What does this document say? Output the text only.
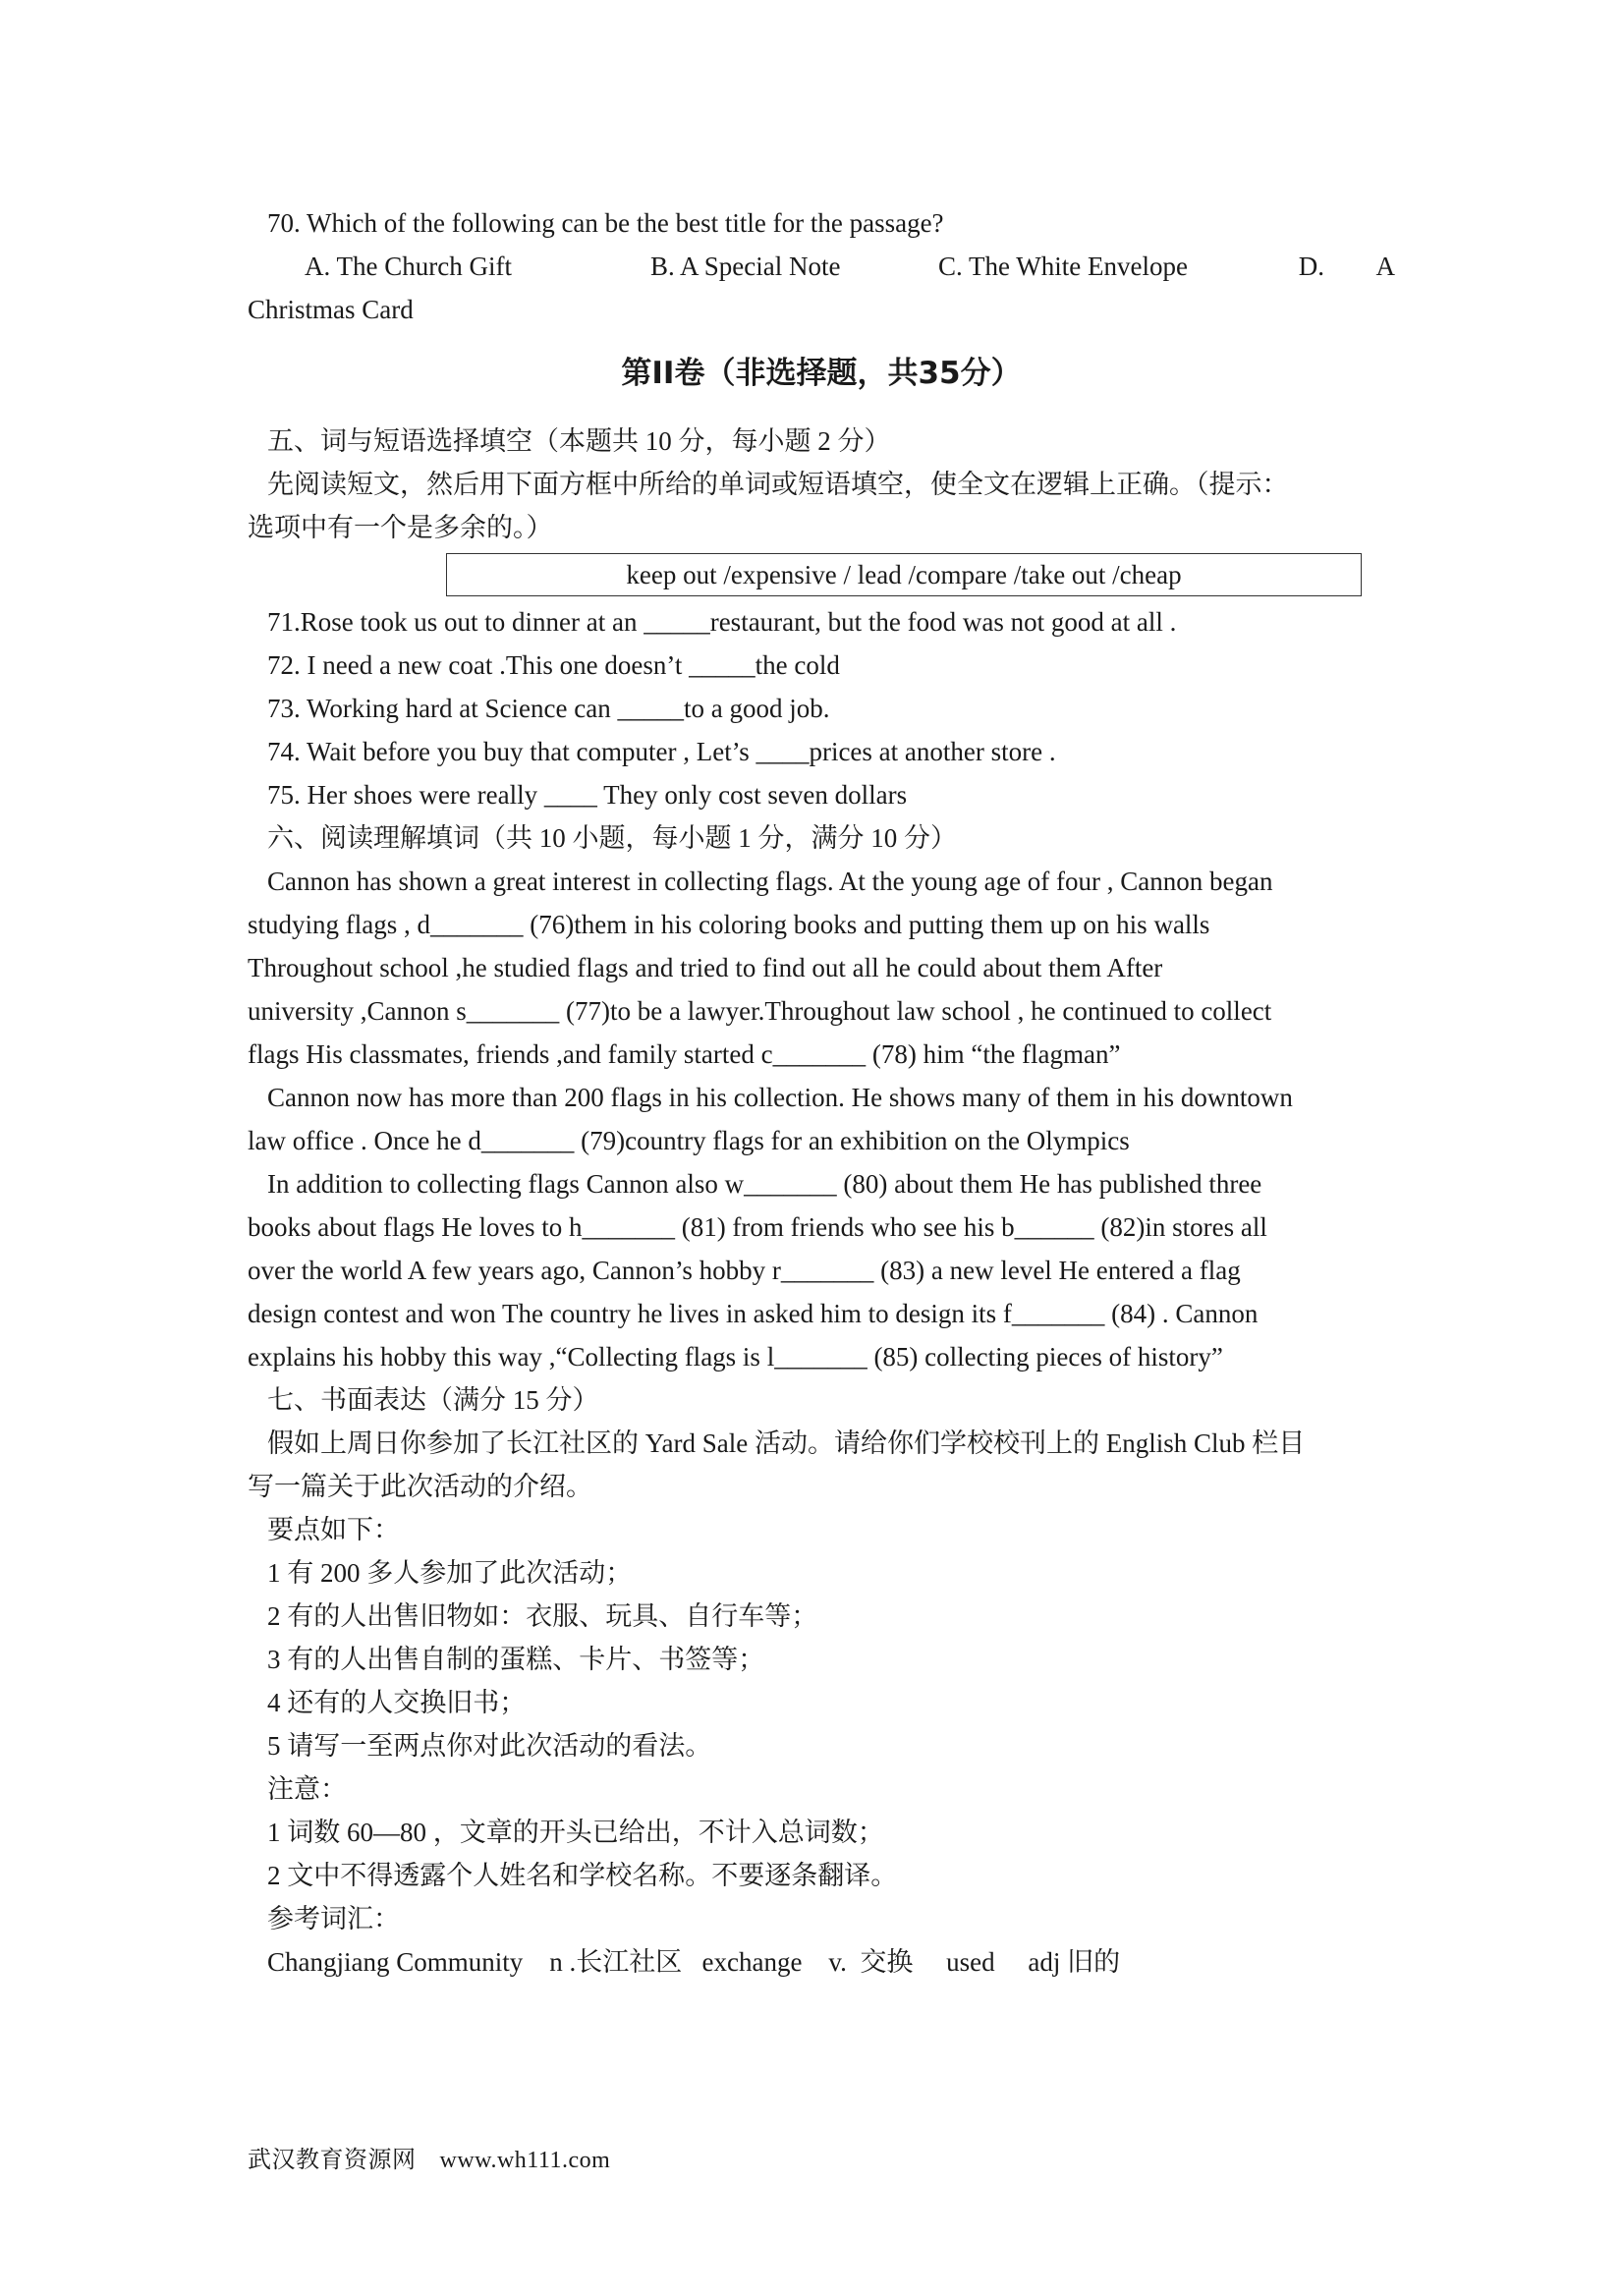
70. Which of the following can be the best title for the passage?
A. The Church Gift	B. A Special Note	C. The White Envelope	D.        A
Christmas Card
第II卷（非选择题，共35分）
五、词与短语选择填空（本题共 10 分，每小题 2 分）
先阅读短文，然后用下面方框中所给的单词或短语填空，使全文在逻辑上正确。（提示：
选项中有一个是多余的。）
keep out /expensive / lead /compare /take out /cheap
71.Rose took us out to dinner at an _____restaurant, but the food was not good at all .
72. I need a new coat .This one doesn’t _____the cold
73. Working hard at Science can _____to a good job.
74. Wait before you buy that computer , Let’s ____prices at another store .
75. Her shoes were really ____ They only cost seven dollars
六、阅读理解填词（共 10 小题，每小题 1 分，满分 10 分）
Cannon has shown a great interest in collecting flags. At the young age of four , Cannon began
studying flags , d_______ (76)them in his coloring books and putting them up on his walls
Throughout school ,he studied flags and tried to find out all he could about them After
university ,Cannon s_______ (77)to be a lawyer.Throughout law school , he continued to collect
flags His classmates, friends ,and family started c_______ (78) him “the flagman”
Cannon now has more than 200 flags in his collection. He shows many of them in his downtown
law office . Once he d_______ (79)country flags for an exhibition on the Olympics
In addition to collecting flags Cannon also w_______ (80) about them He has published three
books about flags He loves to h_______ (81) from friends who see his b______ (82)in stores all
over the world A few years ago, Cannon’s hobby r_______ (83) a new level He entered a flag
design contest and won The country he lives in asked him to design its f_______ (84) . Cannon
explains his hobby this way ,“Collecting flags is l_______ (85) collecting pieces of history”
七、书面表达（满分 15 分）
假如上周日你参加了长江社区的 Yard Sale 活动。请给你们学校校刊上的 English Club 栏目
写一篇关于此次活动的介绍。
要点如下：
1 有 200 多人参加了此次活动；
2 有的人出售旧物如：衣服、玩具、自行车等；
3 有的人出售自制的蛋糕、卡片、书签等；
4 还有的人交换旧书；
5 请写一至两点你对此次活动的看法。
注意：
1 词数 60—80 ，文章的开头已给出，不计入总词数；
2 文中不得透露个人姓名和学校名称。不要逐条翻译。
参考词汇：
Changjiang Community    n .长江社区   exchange    v.  交换     used     adj 旧的
武汉教育资源网 www.wh111.com
